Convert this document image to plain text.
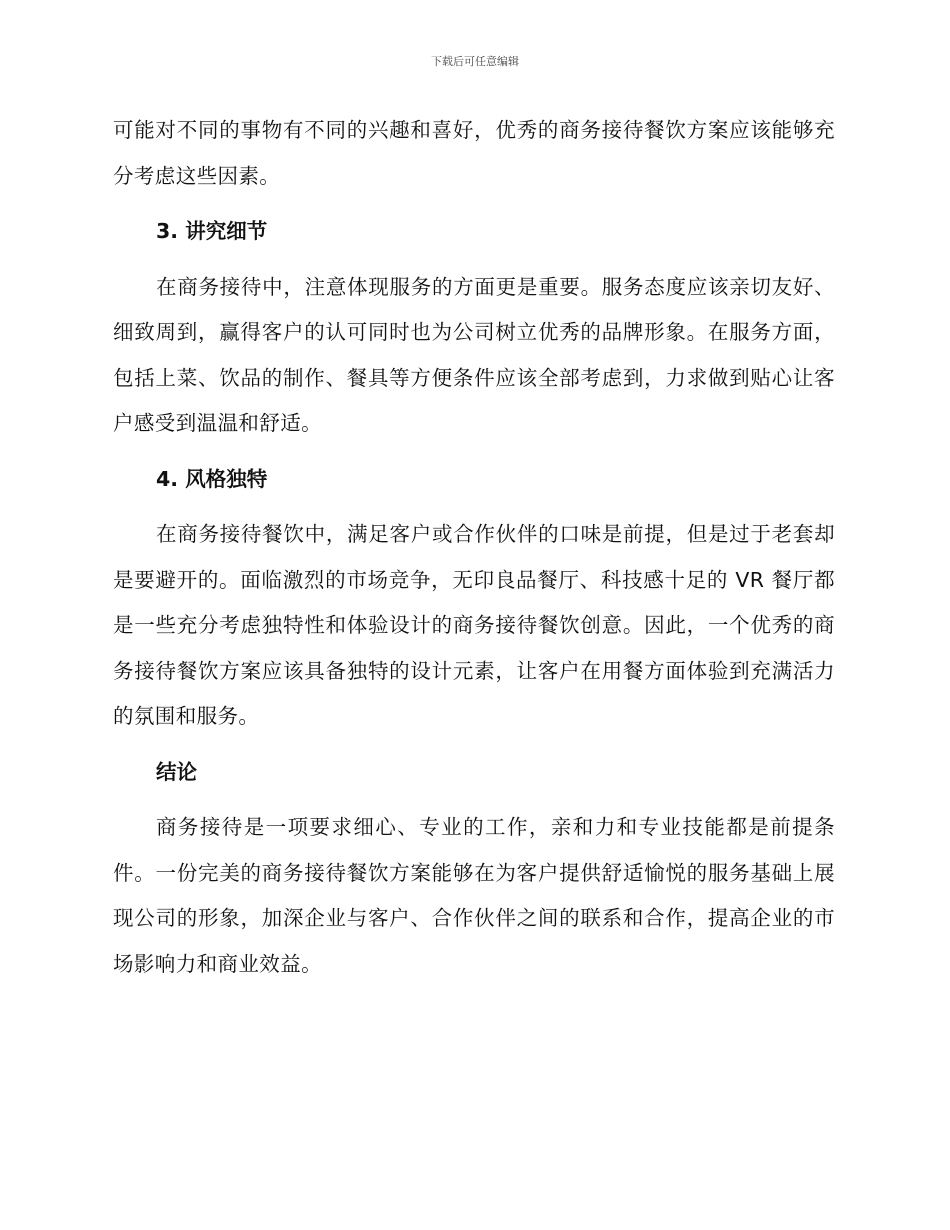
下载后可任意编辑

可能对不同的事物有不同的兴趣和喜好，优秀的商务接待餐饮方案应该能够充分考虑这些因素。

3. 讲究细节

在商务接待中，注意体现服务的方面更是重要。服务态度应该亲切友好、细致周到，赢得客户的认可同时也为公司树立优秀的品牌形象。在服务方面，包括上菜、饮品的制作、餐具等方便条件应该全部考虑到，力求做到贴心让客户感受到温温和舒适。

4. 风格独特

在商务接待餐饮中，满足客户或合作伙伴的口味是前提，但是过于老套却是要避开的。面临激烈的市场竞争，无印良品餐厅、科技感十足的 VR 餐厅都是一些充分考虑独特性和体验设计的商务接待餐饮创意。因此，一个优秀的商务接待餐饮方案应该具备独特的设计元素，让客户在用餐方面体验到充满活力的氛围和服务。

结论

商务接待是一项要求细心、专业的工作，亲和力和专业技能都是前提条件。一份完美的商务接待餐饮方案能够在为客户提供舒适愉悦的服务基础上展现公司的形象，加深企业与客户、合作伙伴之间的联系和合作，提高企业的市场影响力和商业效益。
